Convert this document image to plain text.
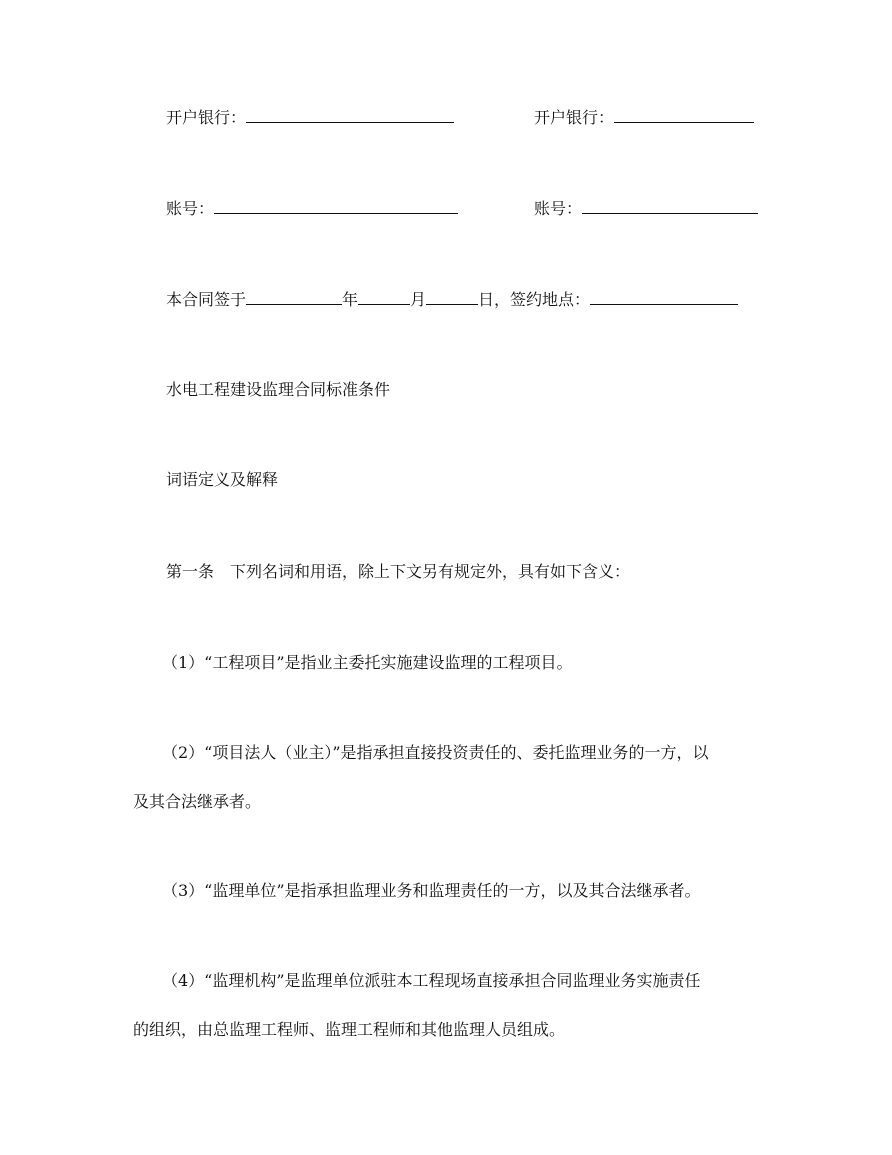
开户银行：	开户银行：
账号：	账号：
本合同签于	年	月	日，签约地点：
水电工程建设监理合同标准条件
词语定义及解释
第一条　下列名词和用语，除上下文另有规定外，具有如下含义：
（1）“工程项目”是指业主委托实施建设监理的工程项目。
（2）“项目法人（业主）”是指承担直接投资责任的、委托监理业务的一方，以
及其合法继承者。
（3）“监理单位”是指承担监理业务和监理责任的一方，以及其合法继承者。
（4）“监理机构”是监理单位派驻本工程现场直接承担合同监理业务实施责任
的组织，由总监理工程师、监理工程师和其他监理人员组成。
